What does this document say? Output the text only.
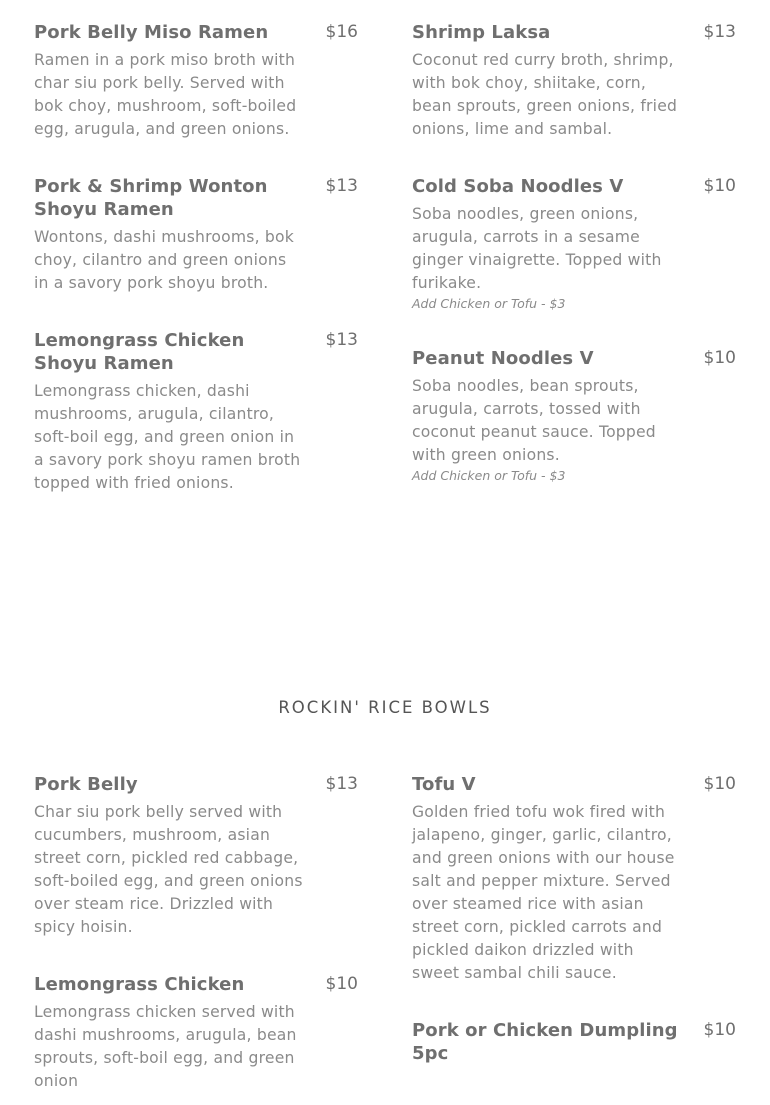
Pork Belly Miso Ramen	$16
Ramen in a pork miso broth with char siu pork belly. Served with bok choy, mushroom, soft-boiled egg, arugula, and green onions.
Pork & Shrimp Wonton Shoyu Ramen
$13
Wontons, dashi mushrooms, bok choy, cilantro and green onions in a savory pork shoyu broth.
Lemongrass Chicken Shoyu Ramen
$13
Lemongrass chicken, dashi mushrooms, arugula, cilantro, soft-boil egg, and green onion in a savory pork shoyu ramen broth topped with fried onions.
Shrimp Laksa	$13
Coconut red curry broth, shrimp, with bok choy, shiitake, corn, bean sprouts, green onions, fried onions, lime and sambal.
Cold Soba Noodles V	$10
Soba noodles, green onions, arugula, carrots in a sesame ginger vinaigrette. Topped with furikake.
Add Chicken or Tofu - $3
Peanut Noodles V	$10
Soba noodles, bean sprouts, arugula, carrots, tossed with coconut peanut sauce. Topped with green onions.
Add Chicken or Tofu - $3
ROCKIN' RICE BOWLS
Pork Belly	$13
Char siu pork belly served with cucumbers, mushroom, asian street corn, pickled red cabbage, soft-boiled egg, and green onions over steam rice. Drizzled with spicy hoisin.
Lemongrass Chicken	$10
Lemongrass chicken served with dashi mushrooms, arugula, bean sprouts, soft-boil egg, and green onion
Tofu V	$10
Golden fried tofu wok fired with jalapeno, ginger, garlic, cilantro, and green onions with our house salt and pepper mixture. Served over steamed rice with asian street corn, pickled carrots and pickled daikon drizzled with sweet sambal chili sauce.
Pork or Chicken Dumpling 5pc
$10
